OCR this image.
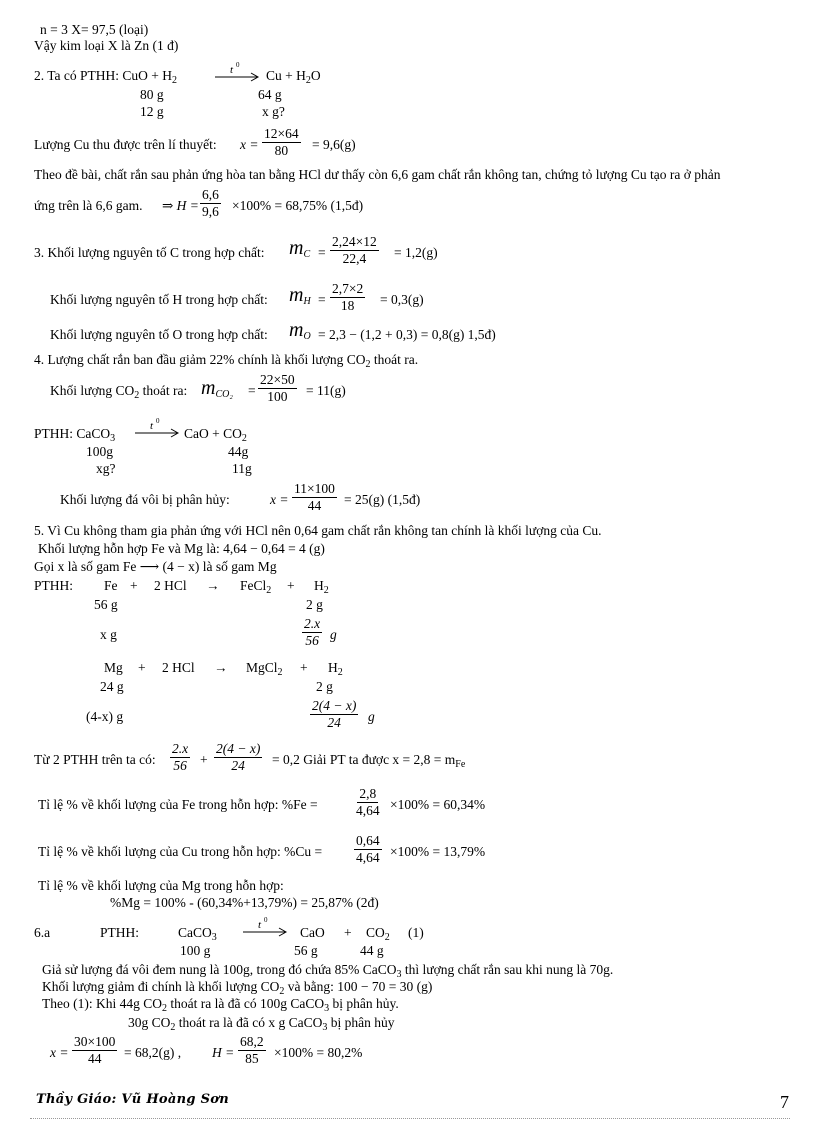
n = 3 X= 97,5 (loại)
Vậy kim loại X là Zn (1 đ)
2. Ta có PTHH: CuO + $H_2$
t 0
$Cu + H_2O$
80 g	64 g
12 g	x g?
Lượng Cu thu được trên lí thuyết: $x = \frac{12\times 64}{80} = 9,6(g)$
Theo đề bài, chất rắn sau phản ứng hòa tan bằng HCl dư thấy còn 6,6 gam chất rắn không tan, chứng tỏ lượng Cu tạo ra ở phản
ứng trên là 6,6 gam. ⇒ $H = \frac{6,6}{9,6} \times 100\% = 68,75\%$ (1,5đ)
3. Khối lượng nguyên tố C trong hợp chất: $m_C = \frac{2,24\times 12}{22,4} = 1,2(g)$
Khối lượng nguyên tố H trong hợp chất: $m_H = \frac{2,7\times 2}{18} = 0,3(g)$
Khối lượng nguyên tố O trong hợp chất: $m_O = 2,3 - (1,2 + 0,3) = 0,8(g)$ 1,5đ)
4. Lượng chất rắn ban đầu giảm 22% chính là khối lượng $CO_2$ thoát ra.
Khối lượng $CO_2$ thoát ra: $m_{CO_2} = \frac{22\times 50}{100} = 11(g)$
PTHH: CaCO$_3$
t 0
CaO + $CO_2$
100g	44g
xg?	11g
Khối lượng đá vôi bị phân hủy:	$x = \frac{11\times 100}{44} = 25(g)$ (1,5đ)
5. Vì Cu không tham gia phản ứng với HCl nên 0,64 gam chất rắn không tan chính là khối lượng của Cu.
Khối lượng hỗn hợp Fe và Mg là: 4,64 − 0,64 = 4 (g)
Gọi x là số gam Fe ⟶ (4 − x) là số gam Mg
PTHH: Fe + 2 HCl → FeCl$_2$ + $H_2$
56 g	2 g
x g	$\frac{2.x}{56}$ g
Mg + 2 HCl → MgCl$_2$ + $H_2$
24 g	2 g
(4-x) g	$\frac{2(4 - x)}{24}$ g
Từ 2 PTHH trên ta có: $\frac{2.x}{56} + \frac{2(4 - x)}{24} = 0,2$ Giải PT ta được $x = 2,8 = m_{Fe}$
Tỉ lệ % về khối lượng của Fe trong hỗn hợp: %Fe =	$\frac{2,8}{4,64} \times 100\% = 60,34\%$
Tỉ lệ % về khối lượng của Cu trong hỗn hợp: $\%Cu = \frac{0,64}{4,64} \times 100\% = 13,79\%$
Tỉ lệ % về khối lượng của Mg trong hỗn hợp:
%Mg = 100% - (60,34%+13,79%) = 25,87% (2đ)
6.a	PTHH:	CaCO$_3$
t 0
CaO + $CO_2$ (1)
100 g	56 g	44 g
Giả sử lượng đá vôi đem nung là 100g, trong đó chứa 85% CaCO$_3$ thì lượng chất rắn sau khi nung là 70g.
Khối lượng giảm đi chính là khối lượng $CO_2$ và bằng: 100 − 70 = 30 (g)
Theo (1): Khi 44g $CO_2$ thoát ra là đã có 100g CaCO$_3$ bị phân hủy.
30g $CO_2$ thoát ra là đã có x g CaCO$_3$ bị phân hủy
$x = \frac{30\times 100}{44} = 68,2(g)$ , $H = \frac{68,2}{85} \times 100\% = 80,2\%$
Thầy Giáo: Vũ Hoàng Sơn	7
